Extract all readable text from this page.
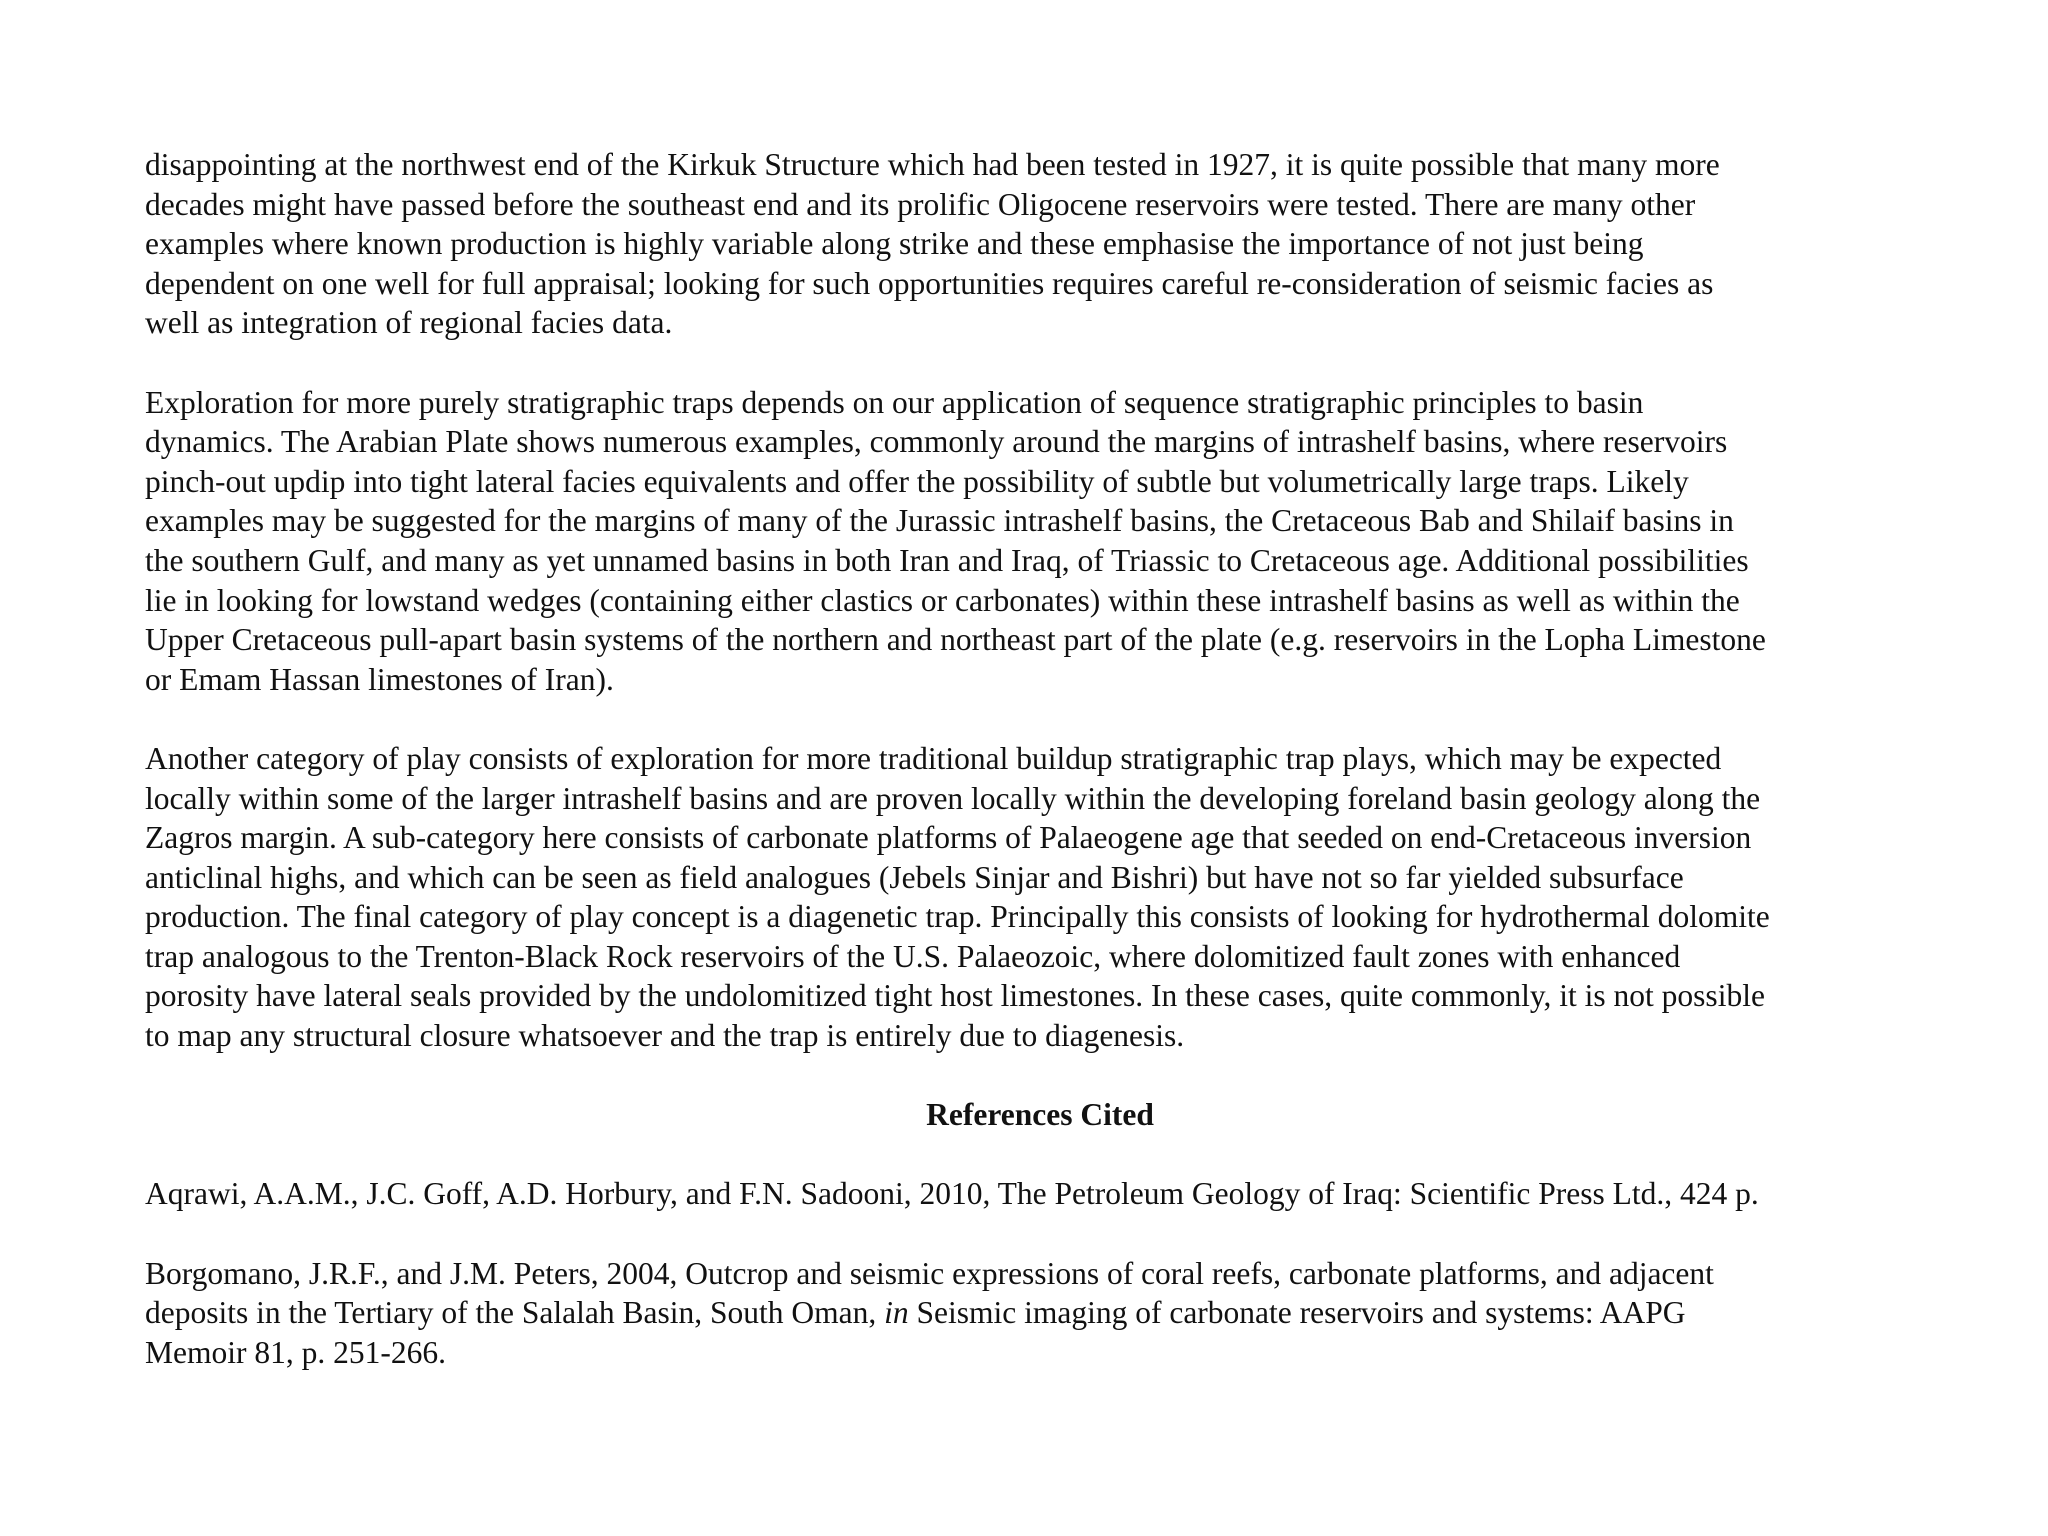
disappointing at the northwest end of the Kirkuk Structure which had been tested in 1927, it is quite possible that many more
decades might have passed before the southeast end and its prolific Oligocene reservoirs were tested. There are many other
examples where known production is highly variable along strike and these emphasise the importance of not just being
dependent on one well for full appraisal; looking for such opportunities requires careful re-consideration of seismic facies as
well as integration of regional facies data.
Exploration for more purely stratigraphic traps depends on our application of sequence stratigraphic principles to basin
dynamics. The Arabian Plate shows numerous examples, commonly around the margins of intrashelf basins, where reservoirs
pinch-out updip into tight lateral facies equivalents and offer the possibility of subtle but volumetrically large traps. Likely
examples may be suggested for the margins of many of the Jurassic intrashelf basins, the Cretaceous Bab and Shilaif basins in
the southern Gulf, and many as yet unnamed basins in both Iran and Iraq, of Triassic to Cretaceous age. Additional possibilities
lie in looking for lowstand wedges (containing either clastics or carbonates) within these intrashelf basins as well as within the
Upper Cretaceous pull-apart basin systems of the northern and northeast part of the plate (e.g. reservoirs in the Lopha Limestone
or Emam Hassan limestones of Iran).
Another category of play consists of exploration for more traditional buildup stratigraphic trap plays, which may be expected
locally within some of the larger intrashelf basins and are proven locally within the developing foreland basin geology along the
Zagros margin. A sub-category here consists of carbonate platforms of Palaeogene age that seeded on end-Cretaceous inversion
anticlinal highs, and which can be seen as field analogues (Jebels Sinjar and Bishri) but have not so far yielded subsurface
production. The final category of play concept is a diagenetic trap. Principally this consists of looking for hydrothermal dolomite
trap analogous to the Trenton-Black Rock reservoirs of the U.S. Palaeozoic, where dolomitized fault zones with enhanced
porosity have lateral seals provided by the undolomitized tight host limestones. In these cases, quite commonly, it is not possible
to map any structural closure whatsoever and the trap is entirely due to diagenesis.
References Cited
Aqrawi, A.A.M., J.C. Goff, A.D. Horbury, and F.N. Sadooni, 2010, The Petroleum Geology of Iraq: Scientific Press Ltd., 424 p.
Borgomano, J.R.F., and J.M. Peters, 2004, Outcrop and seismic expressions of coral reefs, carbonate platforms, and adjacent
deposits in the Tertiary of the Salalah Basin, South Oman, in Seismic imaging of carbonate reservoirs and systems: AAPG
Memoir 81, p. 251-266.
